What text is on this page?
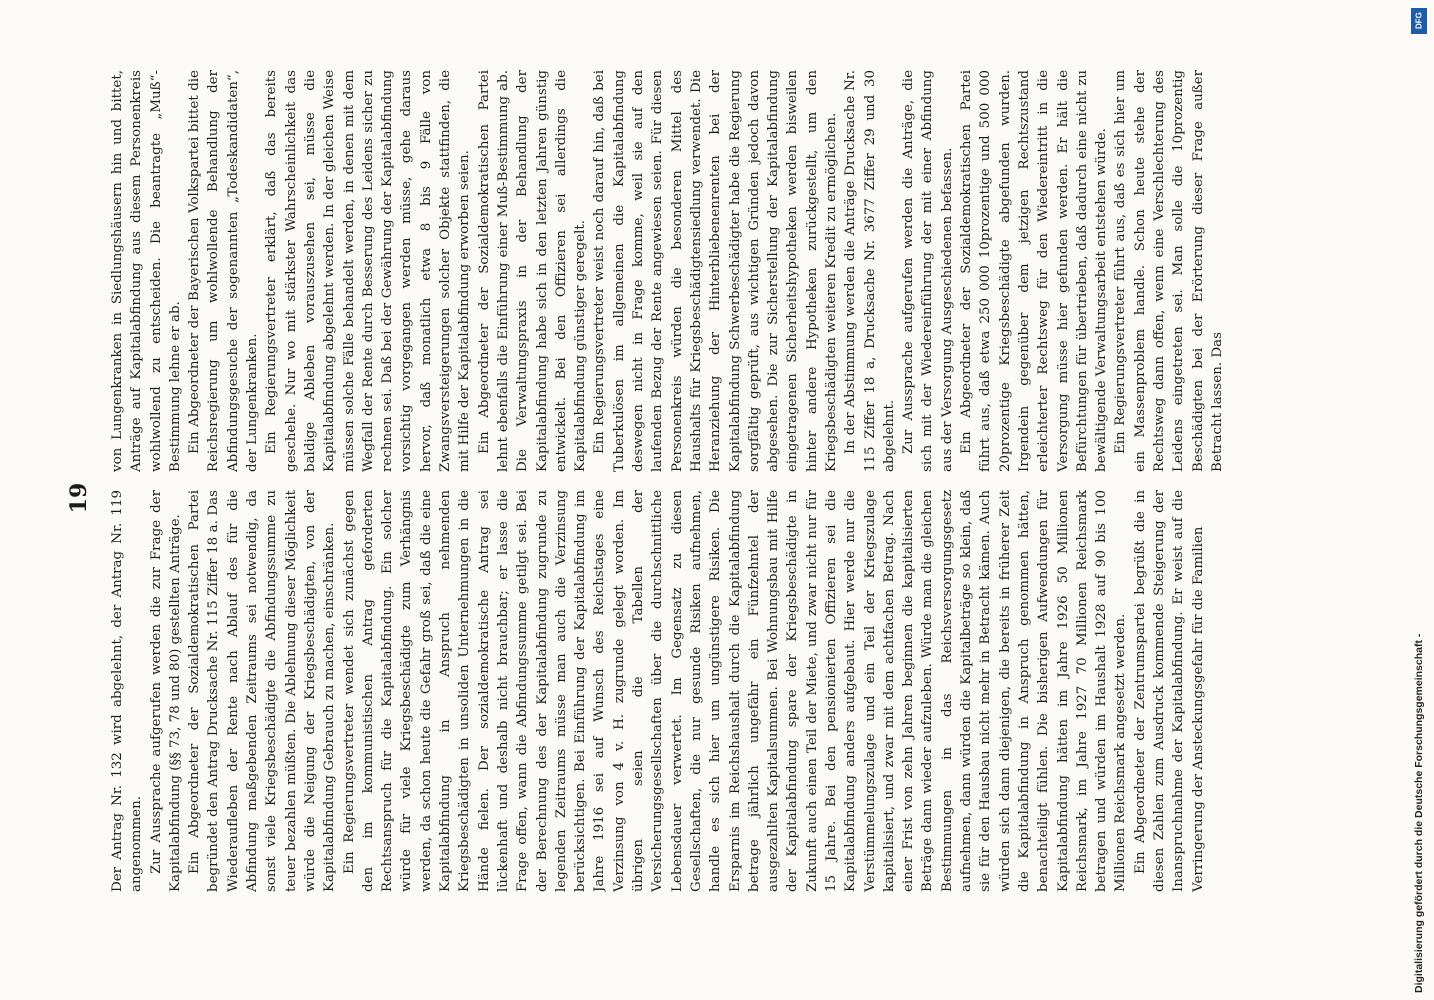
19 Der Antrag Nr. 132 wird abgelehnt, der Antrag Nr. 119 angenommen. Zur Aussprache aufgerufen werden die zur Frage der Kapitalabfindung (§§ 73, 78 und 80) gestellten Anträge. Ein Abgeordneter der Sozialdemokratischen Partei begründet den Antrag Drucksache Nr. 115 Ziffer 18 a. Das Wiederaufleben der Rente nach Ablauf des für die Abfindung maßgebenden Zeitraums sei notwendig, da sonst viele Kriegsbeschädigte die Abfindungssumme zu teuer bezahlen müßten. Die Ablehnung dieser Möglichkeit würde die Neigung der Kriegsbeschädigten, von der Kapitalabfindung Gebrauch zu machen, einschränken. Ein Regierungsvertreter wendet sich zunächst gegen den im kommunistischen Antrag geforderten Rechtsanspruch für die Kapitalabfindung. Ein solcher würde für viele Kriegsbeschädigte zum Verhängnis werden, da schon heute die Gefahr groß sei, daß die eine Kapitalabfindung in Anspruch nehmenden Kriegsbeschädigten in unsoliden Unternehmungen in die Hände fielen. Der sozialdemokratische Antrag sei lückenhaft und deshalb nicht brauchbar; er lasse die Frage offen, wann die Abfindungssumme getilgt sei. Bei der Berechnung des der Kapitalabfindung zugrunde zu legenden Zeitraums müsse man auch die Verzinsung berücksichtigen. Bei Einführung der Kapitalabfindung im Jahre 1916 sei auf Wunsch des Reichstages eine Verzinsung von 4 v. H. zugrunde gelegt worden. Im übrigen seien die Tabellen der Versicherungsgesellschaften über die durchschnittliche Lebensdauer verwertet. Im Gegensatz zu diesen Gesellschaften, die nur gesunde Risiken aufnehmen, handle es sich hier um ungünstigere Risiken. Die Ersparnis im Reichshaushalt durch die Kapitalabfindung betrage jährlich ungefähr ein Fünfzehntel der ausgezahlten Kapitalsummen. Bei Wohnungsbau mit Hilfe der Kapitalabfindung spare der Kriegsbeschädigte in Zukunft auch einen Teil der Miete, und zwar nicht nur für 15 Jahre. Bei den pensionierten Offizieren sei die Kapitalabfindung anders aufgebaut. Hier werde nur die Verstümmelungszulage und ein Teil der Kriegszulage kapitalisiert, und zwar mit dem achtfachen Betrag. Nach einer Frist von zehn Jahren beginnen die kapitalisierten Beträge dann wieder aufzuleben. Würde man die gleichen Bestimmungen in das Reichsversorgungsgesetz aufnehmen, dann würden die Kapitalbeträge so klein, daß sie für den Hausbau nicht mehr in Betracht kämen. Auch würden sich dann diejenigen, die bereits in früherer Zeit die Kapitalabfindung in Anspruch genommen hätten, benachteiligt fühlen. Die bisherigen Aufwendungen für Kapitalabfindung hätten im Jahre 1926 50 Millionen Reichsmark, im Jahre 1927 70 Millionen Reichsmark betragen und würden im Haushalt 1928 auf 90 bis 100 Millionen Reichsmark angesetzt werden. Ein Abgeordneter der Zentrumspartei begrüßt die in diesen Zahlen zum Ausdruck kommende Steigerung der Inanspruchnahme der Kapitalabfindung. Er weist auf die Verringerung der Ansteckungsgefahr für die Familien

von Lungenkranken in Siedlungshäusern hin und bittet, Anträge auf Kapitalabfindung aus diesem Personenkreis wohlwollend zu entscheiden. Die beantragte „Muß“-Bestimmung lehne er ab. Ein Abgeordneter der Bayerischen Volkspartei bittet die Reichsregierung um wohlwollende Behandlung der Abfindungsgesuche der sogenannten „Todeskandidaten“, der Lungenkranken. Ein Regierungsvertreter erklärt, daß das bereits geschehe. Nur wo mit stärkster Wahrscheinlichkeit das baldige Ableben vorauszusehen sei, müsse die Kapitalabfindung abgelehnt werden. In der gleichen Weise müssen solche Fälle behandelt werden, in denen mit dem Wegfall der Rente durch Besserung des Leidens sicher zu rechnen sei. Daß bei der Gewährung der Kapitalabfindung vorsichtig vorgegangen werden müsse, gehe daraus hervor, daß monatlich etwa 8 bis 9 Fälle von Zwangsversteigerungen solcher Objekte stattfinden, die mit Hilfe der Kapitalabfindung erworben seien. Ein Abgeordneter der Sozialdemokratischen Partei lehnt ebenfalls die Einführung einer Muß-Bestimmung ab. Die Verwaltungspraxis in der Behandlung der Kapitalabfindung habe sich in den letzten Jahren günstig entwickelt. Bei den Offizieren sei allerdings die Kapitalabfindung günstiger geregelt. Ein Regierungsvertreter weist noch darauf hin, daß bei Tuberkulösen im allgemeinen die Kapitalabfindung deswegen nicht in Frage komme, weil sie auf den laufenden Bezug der Rente angewiesen seien. Für diesen Personenkreis würden die besonderen Mittel des Haushalts für Kriegsbeschädigtensiedlung verwendet. Die Heranziehung der Hinterbliebenenrenten bei der Kapitalabfindung Schwerbeschädigter habe die Regierung sorgfältig geprüft, aus wichtigen Gründen jedoch davon abgesehen. Die zur Sicherstellung der Kapitalabfindung eingetragenen Sicherheitshypotheken werden bisweilen hinter andere Hypotheken zurückgestellt, um den Kriegsbeschädigten weiteren Kredit zu ermöglichen. In der Abstimmung werden die Anträge Drucksache Nr. 115 Ziffer 18 a, Drucksache Nr. 3677 Ziffer 29 und 30 abgelehnt. Zur Aussprache aufgerufen werden die Anträge, die sich mit der Wiedereinführung der mit einer Abfindung aus der Versorgung Ausgeschiedenen befassen. Ein Abgeordneter der Sozialdemokratischen Partei führt aus, daß etwa 250 000 10prozentige und 500 000 20prozentige Kriegsbeschädigte abgefunden wurden. Irgendein gegenüber dem jetzigen Rechtszustand erleichterter Rechtsweg für den Wiedereintritt in die Versorgung müsse hier gefunden werden. Er hält die Befürchtungen für übertrieben, daß dadurch eine nicht zu bewältigende Verwaltungsarbeit entstehen würde. Ein Regierungsvertreter führt aus, daß es sich hier um ein Massenproblem handle. Schon heute stehe der Rechtsweg dann offen, wenn eine Verschlechterung des Leidens eingetreten sei. Man solle die 10prozentig Beschädigten bei der Erörterung dieser Frage außer Betracht lassen. Das

DFG
Digitalisierung gefördert durch die Deutsche Forschungsgemeinschaft -
